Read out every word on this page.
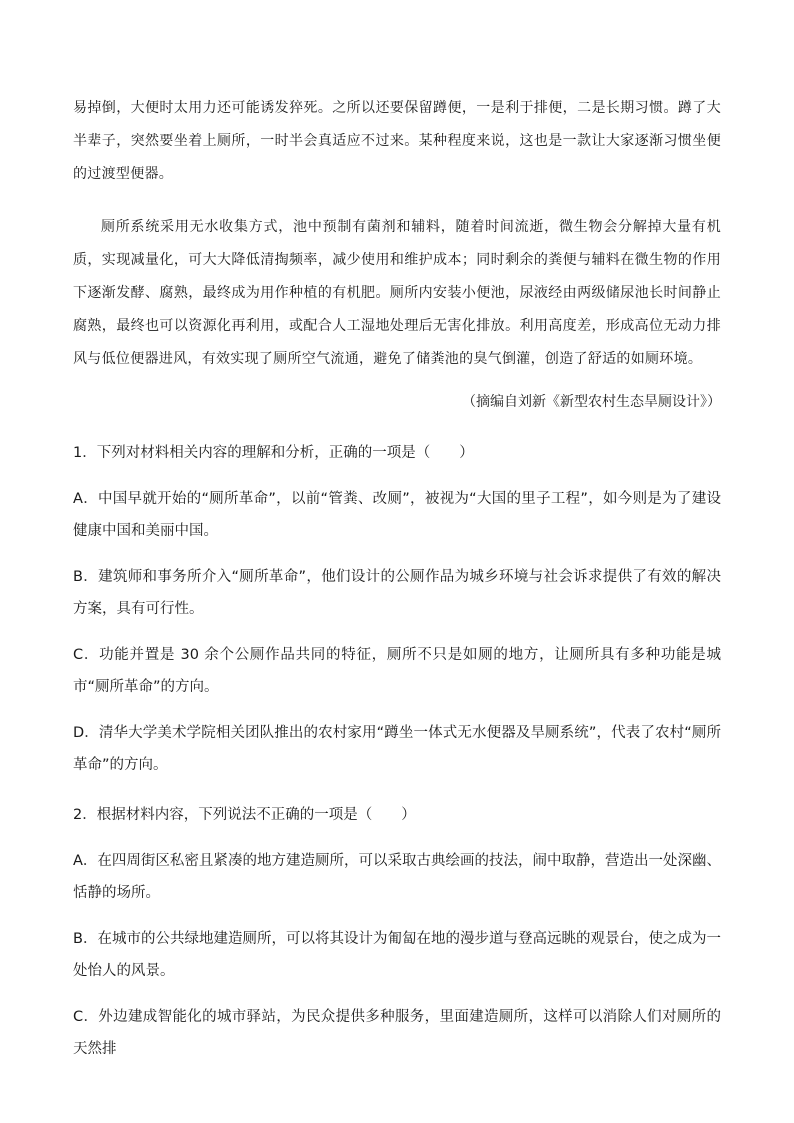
易掉倒，大便时太用力还可能诱发猝死。之所以还要保留蹲便，一是利于排便，二是长期习惯。蹲了大半辈子，突然要坐着上厕所，一时半会真适应不过来。某种程度来说，这也是一款让大家逐渐习惯坐便的过渡型便器。

厕所系统采用无水收集方式，池中预制有菌剂和辅料，随着时间流逝，微生物会分解掉大量有机质，实现减量化，可大大降低清掏频率，减少使用和维护成本；同时剩余的粪便与辅料在微生物的作用下逐渐发酵、腐熟，最终成为用作种植的有机肥。厕所内安装小便池，尿液经由两级储尿池长时间静止腐熟，最终也可以资源化再利用，或配合人工湿地处理后无害化排放。利用高度差，形成高位无动力排风与低位便器进风，有效实现了厕所空气流通，避免了储粪池的臭气倒灌，创造了舒适的如厕环境。

（摘编自刘新《新型农村生态旱厕设计》）

1．下列对材料相关内容的理解和分析，正确的一项是（　　）

A．中国早就开始的“厕所革命”，以前“管粪、改厕”，被视为“大国的里子工程”，如今则是为了建设健康中国和美丽中国。

B．建筑师和事务所介入“厕所革命”，他们设计的公厕作品为城乡环境与社会诉求提供了有效的解决方案，具有可行性。

C．功能并置是 30 余个公厕作品共同的特征，厕所不只是如厕的地方，让厕所具有多种功能是城市“厕所革命”的方向。

D．清华大学美术学院相关团队推出的农村家用“蹲坐一体式无水便器及旱厕系统”，代表了农村“厕所革命”的方向。

2．根据材料内容，下列说法不正确的一项是（　　）

A．在四周街区私密且紧凑的地方建造厕所，可以采取古典绘画的技法，闹中取静，营造出一处深幽、恬静的场所。

B．在城市的公共绿地建造厕所，可以将其设计为匍匐在地的漫步道与登高远眺的观景台，使之成为一处怡人的风景。

C．外边建成智能化的城市驿站，为民众提供多种服务，里面建造厕所，这样可以消除人们对厕所的天然排
